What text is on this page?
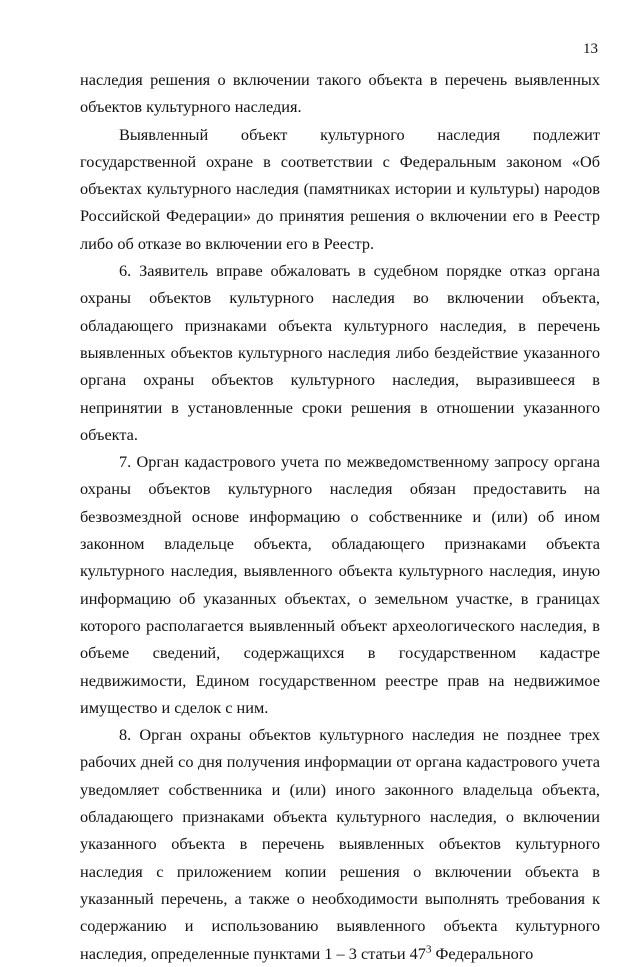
13

наследия решения о включении такого объекта в перечень выявленных объектов культурного наследия.

Выявленный объект культурного наследия подлежит государственной охране в соответствии с Федеральным законом «Об объектах культурного наследия (памятниках истории и культуры) народов Российской Федерации» до принятия решения о включении его в Реестр либо об отказе во включении его в Реестр.

6. Заявитель вправе обжаловать в судебном порядке отказ органа охраны объектов культурного наследия во включении объекта, обладающего признаками объекта культурного наследия, в перечень выявленных объектов культурного наследия либо бездействие указанного органа охраны объектов культурного наследия, выразившееся в непринятии в установленные сроки решения в отношении указанного объекта.

7. Орган кадастрового учета по межведомственному запросу органа охраны объектов культурного наследия обязан предоставить на безвозмездной основе информацию о собственнике и (или) об ином законном владельце объекта, обладающего признаками объекта культурного наследия, выявленного объекта культурного наследия, иную информацию об указанных объектах, о земельном участке, в границах которого располагается выявленный объект археологического наследия, в объеме сведений, содержащихся в государственном кадастре недвижимости, Едином государственном реестре прав на недвижимое имущество и сделок с ним.

8. Орган охраны объектов культурного наследия не позднее трех рабочих дней со дня получения информации от органа кадастрового учета уведомляет собственника и (или) иного законного владельца объекта, обладающего признаками объекта культурного наследия, о включении указанного объекта в перечень выявленных объектов культурного наследия с приложением копии решения о включении объекта в указанный перечень, а также о необходимости выполнять требования к содержанию и использованию выявленного объекта культурного наследия, определенные пунктами 1 – 3 статьи $47^3$ Федерального
